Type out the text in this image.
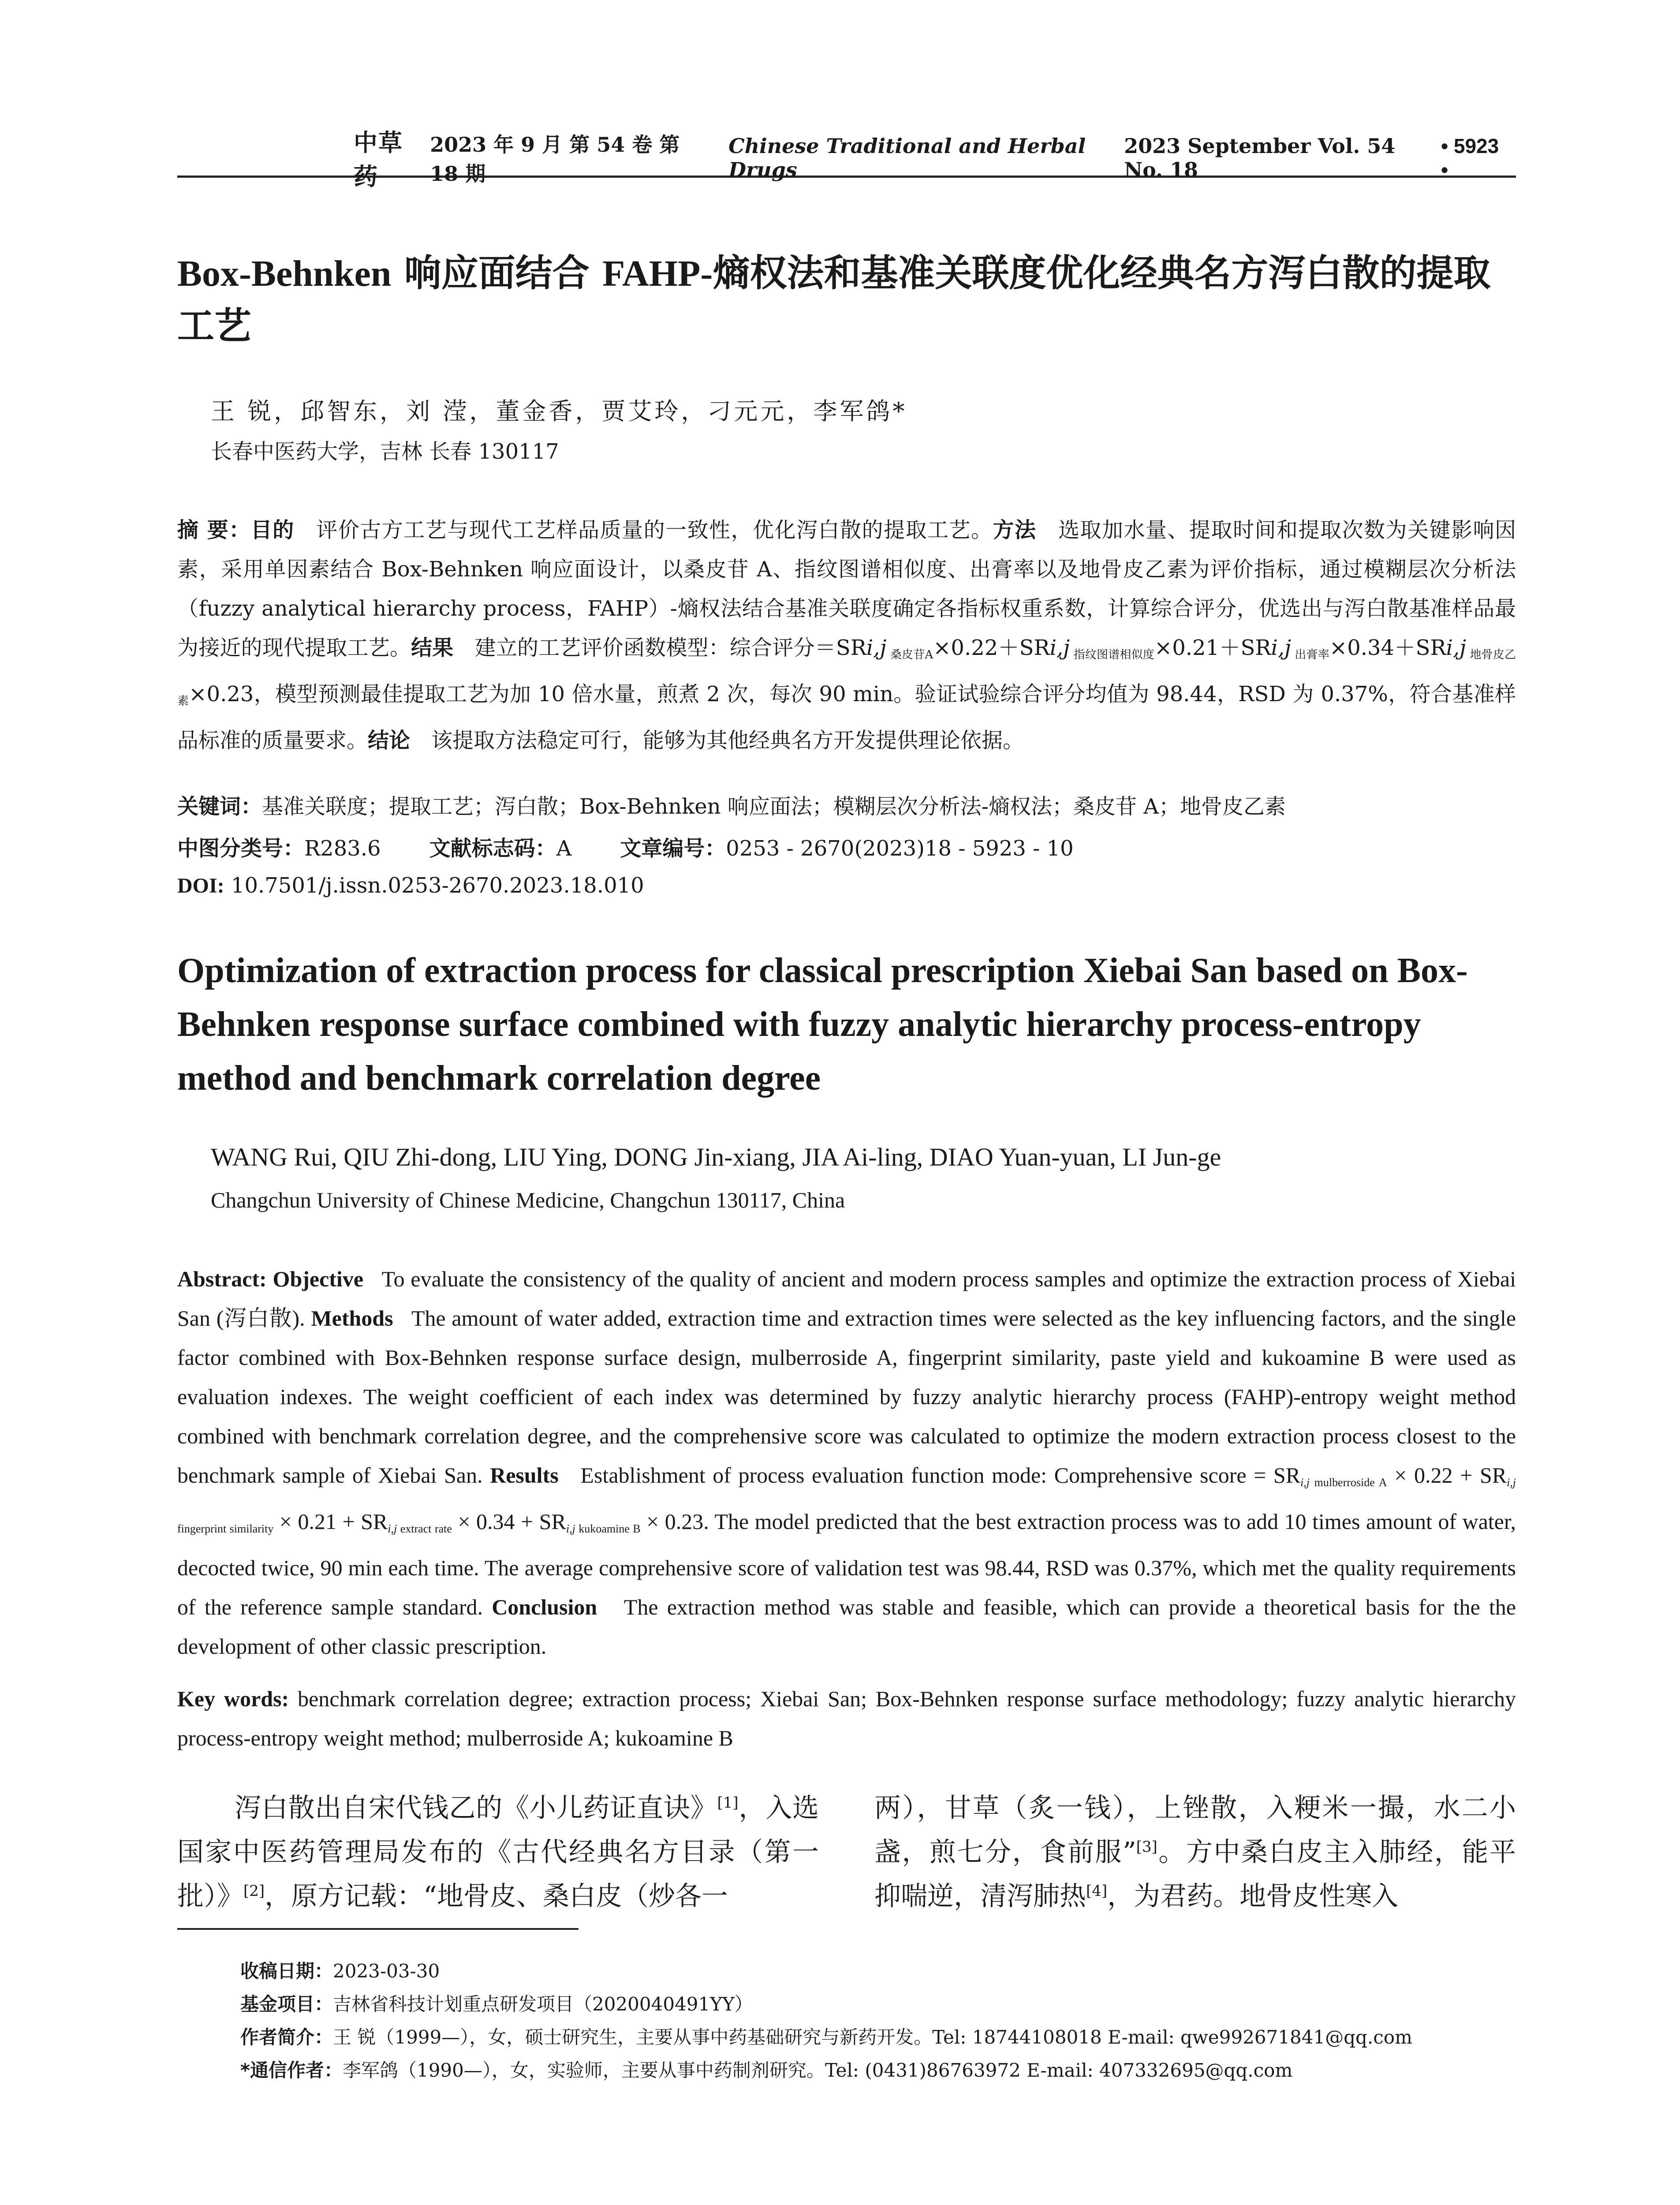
中草药
2023 年 9 月 第 54 卷 第 18 期
Chinese Traditional and Herbal Drugs
2023 September Vol. 54 No. 18
• 5923 •
Box-Behnken 响应面结合 FAHP-熵权法和基准关联度优化经典名方泻白散的提取工艺
王 锐，邱智东，刘 滢，董金香，贾艾玲，刁元元，李军鸽*
长春中医药大学，吉林 长春 130117
摘 要：目的　 评价古方工艺与现代工艺样品质量的一致性，优化泻白散的提取工艺。方法　 选取加水量、提取时间和提取次数为关键影响因素，采用单因素结合 Box-Behnken 响应面设计，以桑皮苷 A、指纹图谱相似度、出膏率以及地骨皮乙素为评价指标，通过模糊层次分析法（fuzzy analytical hierarchy process，FAHP）-熵权法结合基准关联度确定各指标权重系数，计算综合评分，优选出与泻白散基准样品最为接近的现代提取工艺。结果　 建立的工艺评价函数模型：综合评分＝SRi,j $_{桑皮苷A}$×0.22＋SRi,j $_{指纹图谱相似度}$×0.21＋SRi,j $_{出膏率}$×0.34＋SRi,j $_{地骨皮乙素}$×0.23，模型预测最佳提取工艺为加 10 倍水量，煎煮 2 次，每次 90 min。验证试验综合评分均值为 98.44，RSD 为 0.37%，符合基准样品标准的质量要求。结论　 该提取方法稳定可行，能够为其他经典名方开发提供理论依据。
关键词：基准关联度；提取工艺；泻白散；Box-Behnken 响应面法；模糊层次分析法-熵权法；桑皮苷 A；地骨皮乙素
中图分类号：R283.6 文献标志码：A 文章编号：0253 - 2670(2023)18 - 5923 - 10
DOI: 10.7501/j.issn.0253-2670.2023.18.010
Optimization of extraction process for classical prescription Xiebai San based on Box-Behnken response surface combined with fuzzy analytic hierarchy process-entropy method and benchmark correlation degree
WANG Rui, QIU Zhi-dong, LIU Ying, DONG Jin-xiang, JIA Ai-ling, DIAO Yuan-yuan, LI Jun-ge
Changchun University of Chinese Medicine, Changchun 130117, China
Abstract: Objective To evaluate the consistency of the quality of ancient and modern process samples and optimize the extraction process of Xiebai San (泻白散). Methods The amount of water added, extraction time and extraction times were selected as the key influencing factors, and the single factor combined with Box-Behnken response surface design, mulberroside A, fingerprint similarity, paste yield and kukoamine B were used as evaluation indexes. The weight coefficient of each index was determined by fuzzy analytic hierarchy process (FAHP)-entropy weight method combined with benchmark correlation degree, and the comprehensive score was calculated to optimize the modern extraction process closest to the benchmark sample of Xiebai San. Results Establishment of process evaluation function mode: Comprehensive score = $SR_{i,j}$ $_{mulberroside A} \times 0.22 + SR_{i,j}$ $_{fingerprint similarity} \times 0.21 + SR_{i,j}$ $_{extract rate} \times 0.34 + SR_{i,j}$ $_{kukoamine B}$ × 0.23. The model predicted that the best extraction process was to add 10 times amount of water, decocted twice, 90 min each time. The average comprehensive score of validation test was 98.44, RSD was 0.37%, which met the quality requirements of the reference sample standard. Conclusion The extraction method was stable and feasible, which can provide a theoretical basis for the the development of other classic prescription.
Key words: benchmark correlation degree; extraction process; Xiebai San; Box-Behnken response surface methodology; fuzzy analytic hierarchy process-entropy weight method; mulberroside A; kukoamine B
泻白散出自宋代钱乙的《小儿药证直诀》[1]，入选国家中医药管理局发布的《古代经典名方目录（第一批）》[2]，原方记载：“地骨皮、桑白皮（炒各一
两），甘草（炙一钱），上锉散，入粳米一撮，水二小盏，煎七分，食前服”[3]。方中桑白皮主入肺经，能平抑喘逆，清泻肺热[4]，为君药。地骨皮性寒入
收稿日期：2023-03-30
基金项目：吉林省科技计划重点研发项目（2020040491YY）
作者简介：王 锐（1999—），女，硕士研究生，主要从事中药基础研究与新药开发。Tel: 18744108018 E-mail: qwe992671841@qq.com
*通信作者：李军鸽（1990—），女，实验师，主要从事中药制剂研究。Tel: (0431)86763972 E-mail: 407332695@qq.com
